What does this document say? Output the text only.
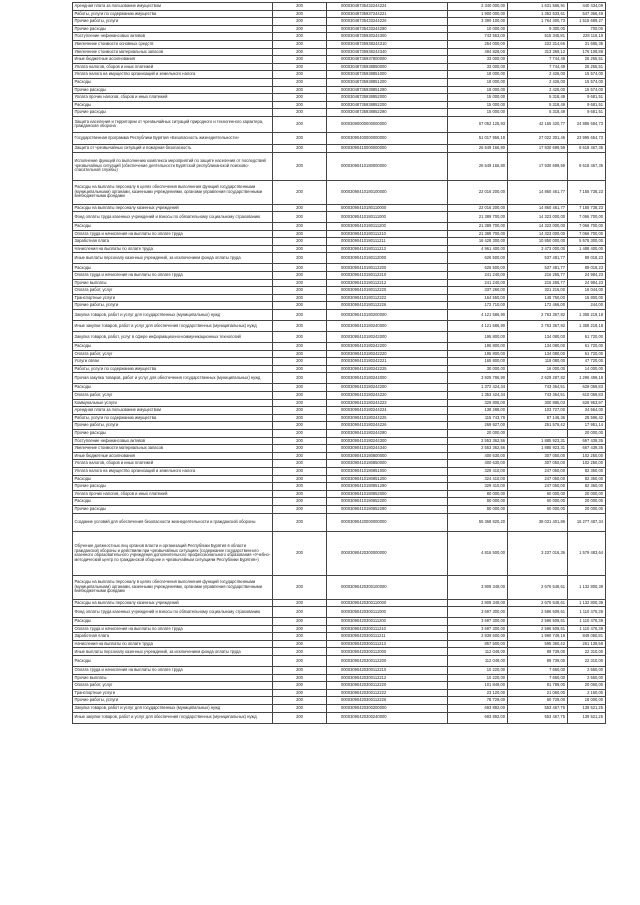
Арендная плата за пользование имуществом	200	00003048735432244224	2 340 000,00	1 631 565,91	440 434,09
Работы, услуги по содержанию имущества	200	00003048735937244221	1 900 000,00	1 352 533,61	547 366,49
Прочие работы, услуги	200	00003048735433244226	3 390 100,00	1 764 400,73	1 515 699,27
Прочие расходы	200	00003048735433244290	10 000,00	9 300,00	700,00
Поступление нефинансовых активов	200	00003048735930244300	743 553,00	515 345,81	228 116,19
Увеличение стоимости основных средств	200	00003048735938244310	254 000,00	222 314,65	31 685,35
Увеличение стоимости материальных запасов	200	00003048735938244340	494 828,00	313 369,12	176 108,88
Иные бюджетные ассигнования	200	00003048735937800000	33 000,00	7 744,49	25 255,51
Уплата налогов, сборов и иных платежей	200	00003048735938850000	33 000,00	7 744,49	25 255,51
Уплата налога на имущество организаций и земельного налога	200	00003048735938851000	18 000,00	2 426,00	15 574,00
Расходы	200	00003048735938851200	18 000,00	2 426,00	15 574,00
Прочие расходы	200	00003048735938851290	18 000,00	2 426,00	15 574,00
Уплата прочих налогов, сборов и иных платежей	200	00003048735938852000	15 000,00	5 318,49	9 681,51
Расходы	200	00003048735938852200	15 000,00	5 318,49	9 681,51
Прочие расходы	200	00003048735938852290	15 000,00	5 318,49	9 681,51
Защита населения и территории от чрезвычайных ситуаций природного и техногенного характера, гражданская оборона	200	00003090000000000000	67 052 125,93	42 165 420,77	24 886 684,73
Государственная программа Республики Бурятия «Безопасность жизнедеятельности»	200	00003090400000000000	51 017 956,18	27 022 301,46	23 995 654,73
Защита от чрезвычайных ситуаций и пожарная безопасность	200	00003090410000000000	26 549 166,80	17 930 699,59	8 618 467,35
Исполнение функций по выполнению комплекса мероприятий по защите населения от последствий чрезвычайных ситуаций (обеспечение деятельности Бурятской республиканской поисково-спасательной службы)	200	00003090410180000000	26 549 166,80	17 930 699,59	8 618 467,35
Расходы на выплаты персоналу в целях обеспечения выполнения функций государственными (муниципальными) органами, казенными учреждениями, органами управления государственными внебюджетными фондами	200	00003090410180100000	22 016 200,00	14 860 461,77	7 155 738,23
Расходы на выплаты персоналу казенных учреждений	200	00003090410180110000	22 016 200,00	14 860 461,77	7 155 738,23
Фонд оплаты труда казенных учреждений и взносы по обязательному социальному страхованию	200	00003090410180111000	21 389 700,00	14 323 000,00	7 066 700,00
Расходы	200	00003090410180111200	21 389 700,00	14 323 000,00	7 066 700,00
Оплата труда и начисления на выплаты по оплате труда	200	00003090410180111210	21 389 700,00	14 323 000,00	7 066 700,00
Заработная плата	200	00003090410180111211	16 428 300,00	10 850 000,00	5 578 300,00
Начисления на выплаты по оплате труда	200	00003090410180111213	4 961 400,00	3 473 000,00	1 488 400,00
Иные выплаты персоналу казенных учреждений, за исключением фонда оплаты труда	200	00003090410180112000	626 500,00	537 481,77	89 018,23
Расходы	200	00003090410180112200	626 500,00	537 481,77	89 018,23
Оплата труда и начисления на выплаты по оплате труда	200	00003090410180112210	241 240,00	216 255,77	24 984,23
Прочие выплаты	200	00003090410180112212	241 240,00	216 255,77	24 984,23
Оплата работ, услуг	200	00003090410180112220	337 260,00	321 216,00	16 044,00
Транспортные услуги	200	00003090410180112222	164 550,00	148 750,00	15 800,00
Прочие работы, услуги	200	00003090410180112226	172 710,00	172 466,00	244,00
Закупка товаров, работ и услуг для государственных (муниципальных) нужд	200	00003090410180200000	4 121 586,90	2 763 367,82	1 358 219,18
Иные закупки товаров, работ и услуг для обеспечения государственных (муниципальных) нужд	200	00003090410180240000	4 121 586,90	2 763 367,82	1 358 219,18
Закупка товаров, работ, услуг в сфере информационно-коммуникационных технологий	200	00003090410180242000	195 800,00	134 080,00	61 720,00
Расходы	200	00003090410180242200	195 800,00	134 080,00	61 720,00
Оплата работ, услуг	200	00003090410180242220	195 800,00	134 080,00	61 720,00
Услуги связи	200	00003090410180242221	165 800,00	118 080,00	47 720,00
Работы, услуги по содержанию имущества	200	00003090410180242225	30 000,00	16 000,00	14 000,00
Прочая закупка товаров, работ и услуг для обеспечения государственных (муниципальных) нужд	200	00003090410180244000	3 925 786,90	2 629 287,82	1 296 499,18
Расходы	200	00003090410180244200	1 372 424,34	743 364,51	629 059,83
Оплата работ, услуг	200	00003090410180244220	1 353 424,34	743 364,51	610 059,83
Коммунальные услуги	200	00003090410180244223	329 805,00	300 885,03	628 953,97
Арендная плата за пользование имуществом	200	00003090410180244224	138 288,00	103 727,00	34 564,00
Работы, услуги по содержанию имущества	200	00003090410180244225	115 743,78	87 146,36	28 596,42
Прочие работы, услуги	200	00003090410180244226	269 927,00	251 576,42	17 951,14
Прочие расходы	200	00003090410180244290	20 000,00		20 000,00
Поступление нефинансовых активов	200	00003090410180244300	2 553 362,56	1 885 923,31	667 439,35
Увеличение стоимости материальных запасов	200	00003090410180244340	2 553 362,56	1 885 923,31	667 439,35
Иные бюджетные ассигнования	200	00003090410180800000	400 630,00	307 050,00	102 250,00
Уплата налогов, сборов и иных платежей	200	00003090410180850000	400 630,00	307 050,00	102 250,00
Уплата налога на имущество организаций и земельного налога	200	00003090410180851000	329 410,00	247 050,00	82 360,00
Расходы	200	00003090410180851200	324 410,00	247 050,00	82 360,00
Прочие расходы	200	00003090410180851290	329 410,00	247 050,00	82 360,00
Уплата прочих налогов, сборов и иных платежей	200	00003090410180852000	80 000,00	60 000,00	20 000,00
Расходы	200	00003090410180852200	80 000,00	60 000,00	20 000,00
Прочие расходы	200	00003090410180852290	80 000,00	60 000,00	20 000,00
Создание условий для обеспечения безопасности жизнедеятельности и гражданской обороны	200	00003090420000000000	55 368 820,20	38 031 401,86	16 277 487,34
Обучение должностных лиц органов власти и организаций Республики Бурятия в области гражданской обороны и действиям при чрезвычайных ситуациях (содержание государственного казенного образовательного учреждения дополнительного профессионального образования «Учебно-методический центр по гражданской обороне и чрезвычайным ситуациям Республики Бурятия»)	200	00003090420300000000	4 816 500,00	3 237 016,36	1 579 483,64
Расходы на выплаты персоналу в целях обеспечения выполнения функций государственными (муниципальными) органами, казенными учреждениями, органами управления государственными внебюджетными фондами	200	00003090420300100000	3 809 349,00	2 676 548,61	1 132 800,39
Расходы на выплаты персоналу казенных учреждений	200	00003090420300110000	3 809 349,00	2 676 548,61	1 132 800,39
Фонд оплаты труда казенных учреждений и взносы по обязательному социальному страхованию	200	00003090420300111000	3 697 300,00	2 586 509,61	1 110 476,39
Расходы	200	00003090420300111200	3 697 300,00	2 586 509,61	1 110 476,39
Оплата труда и начисления на выплаты по оплате труда	200	00003090420300111210	3 697 300,00	2 586 509,61	1 110 476,39
Заработная плата	200	00003090420300111211	2 839 600,00	1 990 749,19	849 050,81
Начисления на выплаты по оплате труда	200	00003090420300111213	857 500,00	595 360,42	261 139,58
Иные выплаты персоналу казенных учреждений, за исключением фонда оплаты труда	200	00003090420300112000	112 049,00	89 739,00	22 310,00
Расходы	200	00003090420300112200	112 049,00	89 739,00	22 310,00
Оплата труда и начисления на выплаты по оплате труда	200	00003090420300112210	10 220,00	7 650,00	2 550,00
Прочие выплаты	200	00003090420300112212	10 220,00	7 650,00	2 550,00
Оплата работ, услуг	200	00003090420300112220	101 849,00	81 789,00	20 060,00
Транспортные услуги	200	00003090420300112222	23 120,00	21 060,00	2 160,00
Прочие работы, услуги	200	00003090420300112226	78 729,00	60 729,00	18 000,00
Закупка товаров, работ и услуг для государственных (муниципальных) нужд	200	00003090420300200000	693 892,00	553 467,75	139 521,25
Иные закупки товаров, работ и услуг для обеспечения государственных (муниципальных) нужд	200	00003090420300240000	693 892,00	553 467,75	139 521,25
